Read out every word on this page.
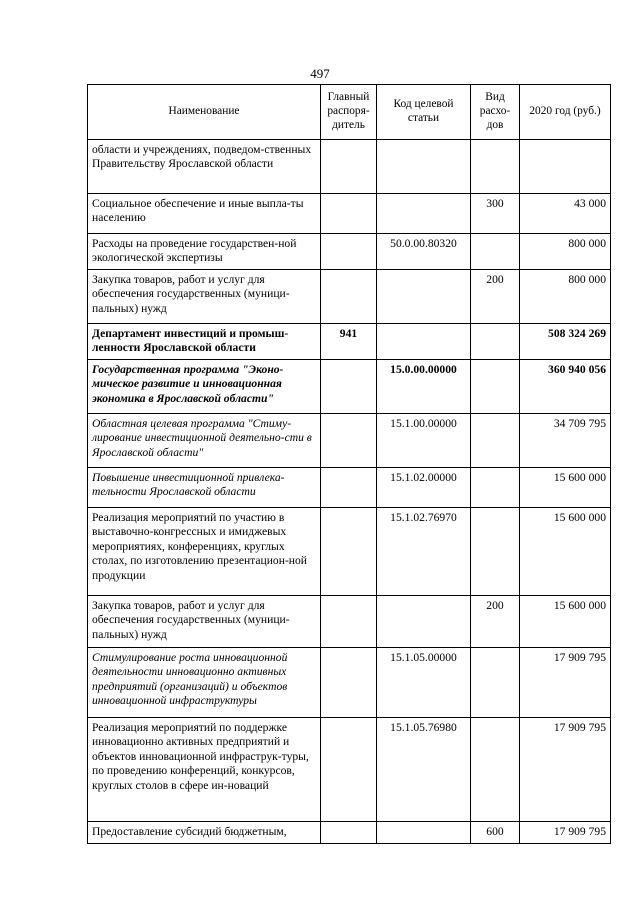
497
Наименование	Главный распоря-дитель	Код целевой статьи	Вид расхо-дов	2020 год (руб.)
области и учреждениях, подведом-ственных Правительству Ярославской области				
Социальное обеспечение и иные выпла-ты населению			300	43 000
Расходы на проведение государствен-ной экологической экспертизы		50.0.00.80320		800 000
Закупка товаров, работ и услуг для обеспечения государственных (муници-пальных) нужд			200	800 000
Департамент инвестиций и промыш-ленности Ярославской области	941			508 324 269
Государственная программа "Эконо-мическое развитие и инновационная экономика в Ярославской области"		15.0.00.00000		360 940 056
Областная целевая программа "Стиму-лирование инвестиционной деятельно-сти в Ярославской области"		15.1.00.00000		34 709 795
Повышение инвестиционной привлека-тельности Ярославской области		15.1.02.00000		15 600 000
Реализация мероприятий по участию в выставочно-конгрессных и имиджевых мероприятиях, конференциях, круглых столах, по изготовлению презентацион-ной продукции		15.1.02.76970		15 600 000
Закупка товаров, работ и услуг для обеспечения государственных (муници-пальных) нужд			200	15 600 000
Стимулирование роста инновационной деятельности инновационно активных предприятий (организаций) и объектов инновационной инфраструктуры		15.1.05.00000		17 909 795
Реализация мероприятий по поддержке инновационно активных предприятий и объектов инновационной инфраструк-туры, по проведению конференций, конкурсов, круглых столов в сфере ин-новаций		15.1.05.76980		17 909 795
Предоставление субсидий бюджетным,			600	17 909 795
